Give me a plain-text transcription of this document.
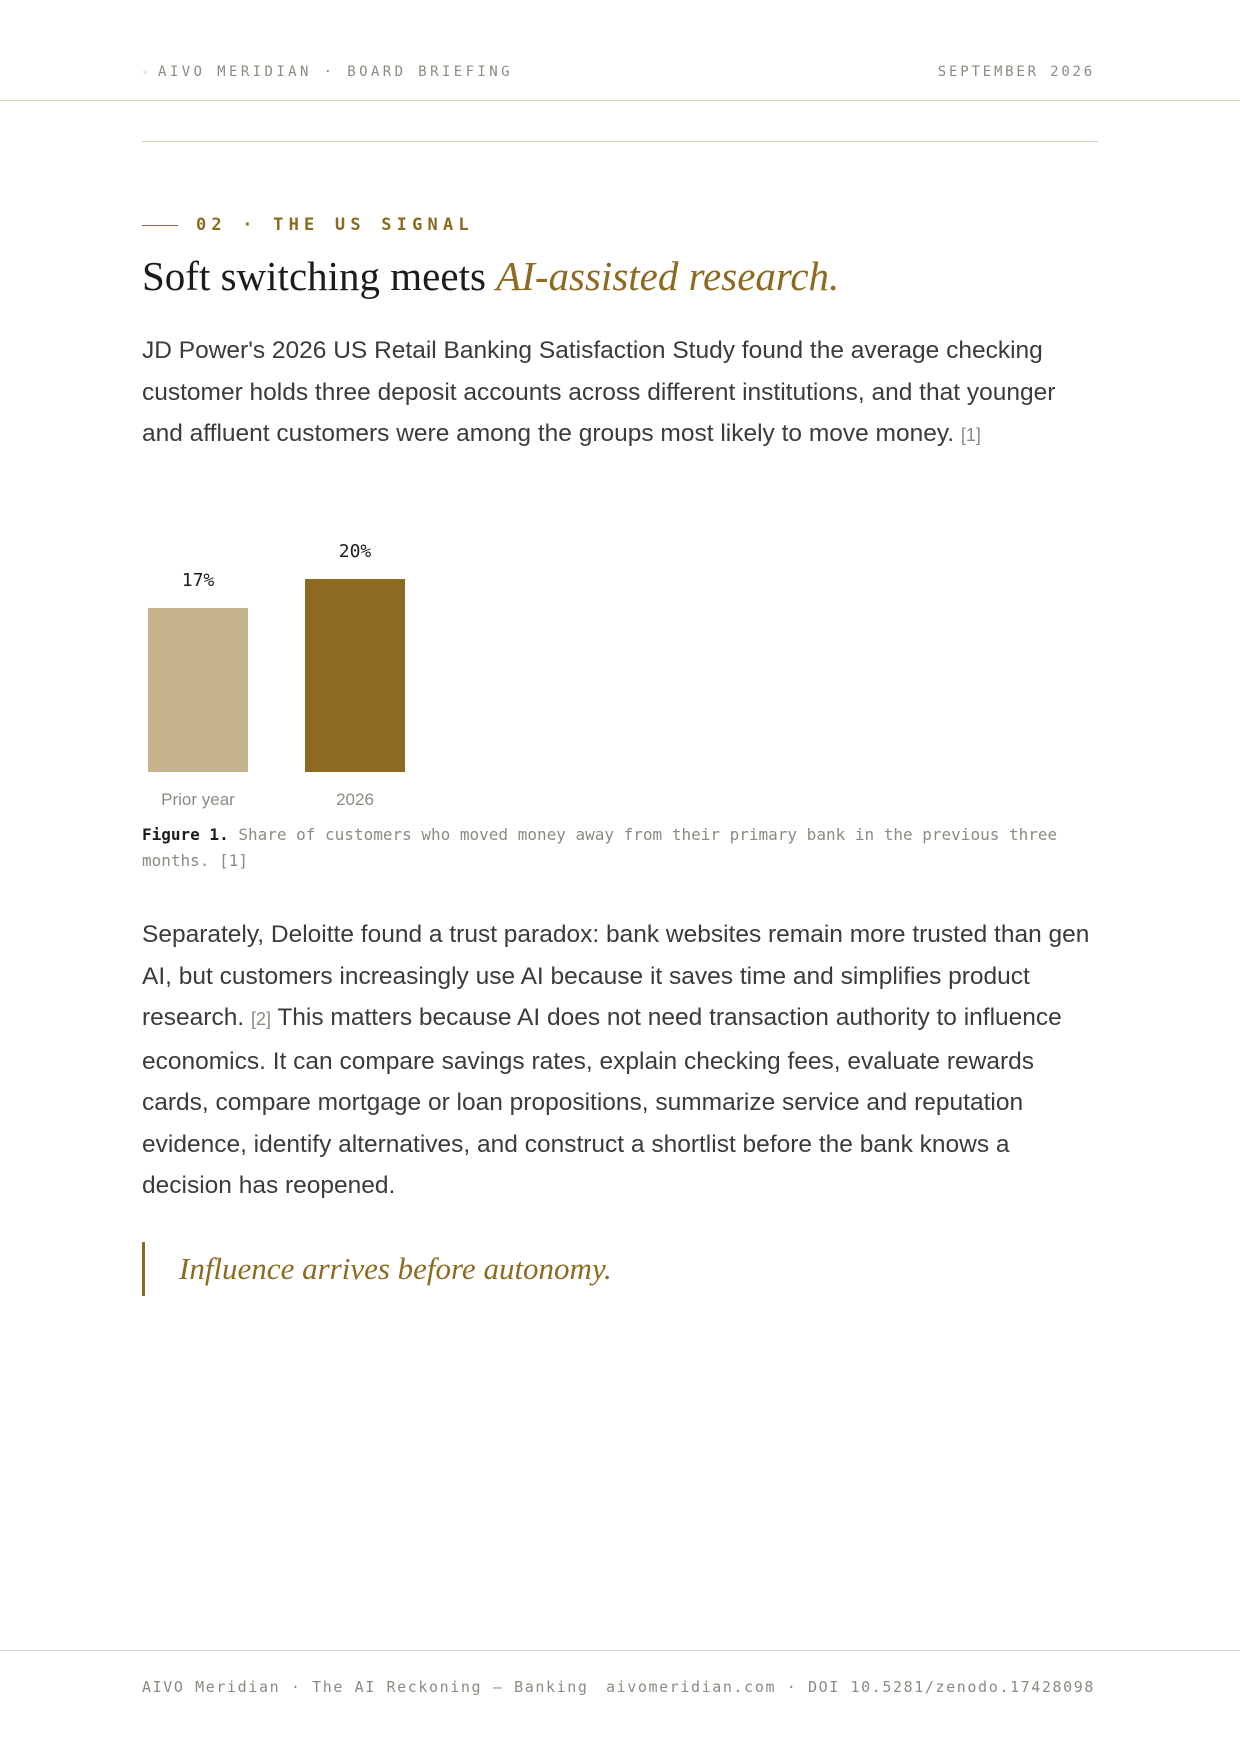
◦ AIVO MERIDIAN · BOARD BRIEFING	SEPTEMBER 2026
02 · THE US SIGNAL
Soft switching meets AI-assisted research.

JD Power's 2026 US Retail Banking Satisfaction Study found the average checking customer holds three deposit accounts across different institutions, and that younger and affluent customers were among the groups most likely to move money. [1]

17%
Prior year
20%
2026
Figure 1. Share of customers who moved money away from their primary bank in the previous three months. [1]

Separately, Deloitte found a trust paradox: bank websites remain more trusted than gen AI, but customers increasingly use AI because it saves time and simplifies product research. [2] This matters because AI does not need transaction authority to influence economics. It can compare savings rates, explain checking fees, evaluate rewards cards, compare mortgage or loan propositions, summarize service and reputation evidence, identify alternatives, and construct a shortlist before the bank knows a decision has reopened.

Influence arrives before autonomy.
AIVO Meridian · The AI Reckoning — Banking aivomeridian.com · DOI 10.5281/zenodo.17428098
